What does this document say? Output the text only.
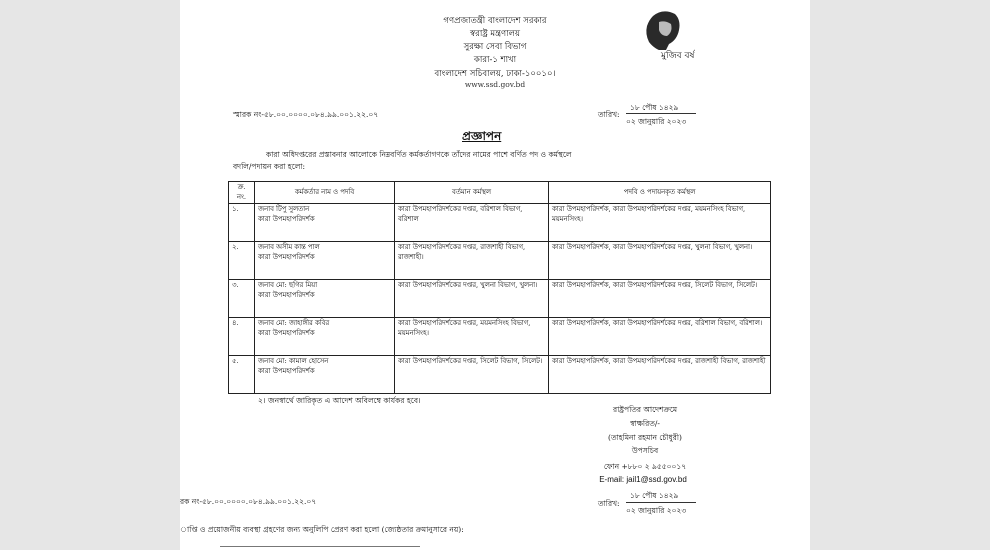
গণপ্রজাতন্ত্রী বাংলাদেশ সরকার
স্বরাষ্ট্র মন্ত্রণালয়
সুরক্ষা সেবা বিভাগ
কারা-১ শাখা
বাংলাদেশ সচিবালয়, ঢাকা-১০০১০।
www.ssd.gov.bd
মুজিব বর্ষ
স্মারক নং-৫৮.০০.০০০০.০৮৪.৯৯.০০১.২২.০৭	তারিখ:
১৮ পৌষ ১৪২৯
০২ জানুয়ারি ২০২৩
প্রজ্ঞাপন
কারা অধিদপ্তরের প্রস্তাবনার আলোকে নিম্নবর্ণিত কর্মকর্তাগণকে তাঁদের নামের পাশে বর্ণিত পদ ও কর্মস্থলে
বদলি/পদায়ন করা হলো:
ক্র. নং.	কর্মকর্তার নাম ও পদবি	বর্তমান কর্মস্থল	পদবি ও পদায়নকৃত কর্মস্থল
১.	জনাব টিপু সুলতান
কারা উপমহাপরিদর্শক	কারা উপমহাপরিদর্শকের দপ্তর, বরিশাল বিভাগ, বরিশাল	কারা উপমহাপরিদর্শক, কারা উপমহাপরিদর্শকের দপ্তর, ময়মনসিংহ বিভাগ, ময়মনসিংহ।
২.	জনাব অসীম কান্ত পাল
কারা উপমহাপরিদর্শক	কারা উপমহাপরিদর্শকের দপ্তর, রাজশাহী বিভাগ, রাজশাহী।	কারা উপমহাপরিদর্শক, কারা উপমহাপরিদর্শকের দপ্তর, খুলনা বিভাগ, খুলনা।
৩.	জনাব মো: ছগির মিয়া
কারা উপমহাপরিদর্শক	কারা উপমহাপরিদর্শকের দপ্তর, খুলনা বিভাগ, খুলনা।	কারা উপমহাপরিদর্শক, কারা উপমহাপরিদর্শকের দপ্তর, সিলেট বিভাগ, সিলেট।
৪.	জনাব মো: জাহাঙ্গীর কবির
কারা উপমহাপরিদর্শক	কারা উপমহাপরিদর্শকের দপ্তর, ময়মনসিংহ বিভাগ, ময়মনসিংহ।	কারা উপমহাপরিদর্শক, কারা উপমহাপরিদর্শকের দপ্তর, বরিশাল বিভাগ, বরিশাল।
৫.	জনাব মো: কামাল হোসেন
কারা উপমহাপরিদর্শক	কারা উপমহাপরিদর্শকের দপ্তর, সিলেট বিভাগ, সিলেট।	কারা উপমহাপরিদর্শক, কারা উপমহাপরিদর্শকের দপ্তর, রাজশাহী বিভাগ, রাজশাহী
২। জনস্বার্থে জারিকৃত এ আদেশ অবিলম্বে কার্যকর হবে।
রাষ্ট্রপতির আদেশক্রমে
স্বাক্ষরিত/-
(তাহমিনা রহমান চৌধুরী)
উপসচিব
ফোন +৮৮০ ২ ৯৫৫০০১৭
E-mail: jail1@ssd.gov.bd
রক নং-৫৮.০০.০০০০.০৮৪.৯৯.০০১.২২.০৭	তারিখ:
১৮ পৌষ ১৪২৯
০২ জানুয়ারি ২০২৩
াপ্তি ও প্রয়োজনীয় ব্যবস্থা গ্রহণের জন্য অনুলিপি প্রেরণ করা হলো (জ্যেষ্ঠতার ক্রমানুসারে নয়):
